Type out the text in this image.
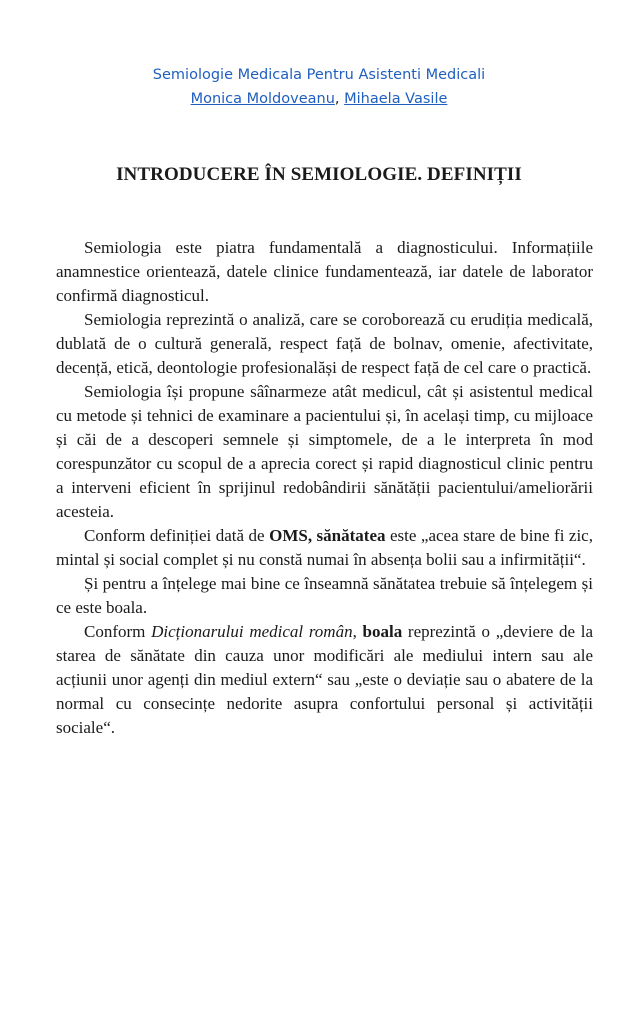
Semiologie Medicala Pentru Asistenti Medicali
Monica Moldoveanu, Mihaela Vasile
INTRODUCERE ÎN SEMIOLOGIE. DEFINIȚII

Semiologia este piatra fundamentală a diagnosticului. Informațiile anamnestice orientează, datele clinice fundamentează, iar datele de laborator confirmă diagnosticul.

Semiologia reprezintă o analiză, care se coroborează cu erudiția medicală, dublată de o cultură generală, respect față de bolnav, omenie, afectivitate, decență, etică, deontologie profesionalăși de respect față de cel care o practică.

Semiologia își propune sâînarmeze atât medicul, cât și asistentul medical cu metode și tehnici de examinare a pacientului și, în același timp, cu mijloace și căi de a descoperi semnele și simptomele, de a le interpreta în mod corespunzător cu scopul de a aprecia corect și rapid diagnosticul clinic pentru a interveni eficient în sprijinul redobândirii sănătății pacientului/ameliorării acesteia.

Conform definiției dată de OMS, sănătatea este „acea stare de bine fi zic, mintal și social complet și nu constă numai în absența bolii sau a infirmității“.

Și pentru a înțelege mai bine ce înseamnă sănătatea trebuie să înțelegem și ce este boala.

Conform Dicționarului medical român, boala reprezintă o „deviere de la starea de sănătate din cauza unor modificări ale mediului intern sau ale acțiunii unor agenți din mediul extern“ sau „este o deviație sau o abatere de la normal cu consecințe nedorite asupra confortului personal și activității sociale“.
